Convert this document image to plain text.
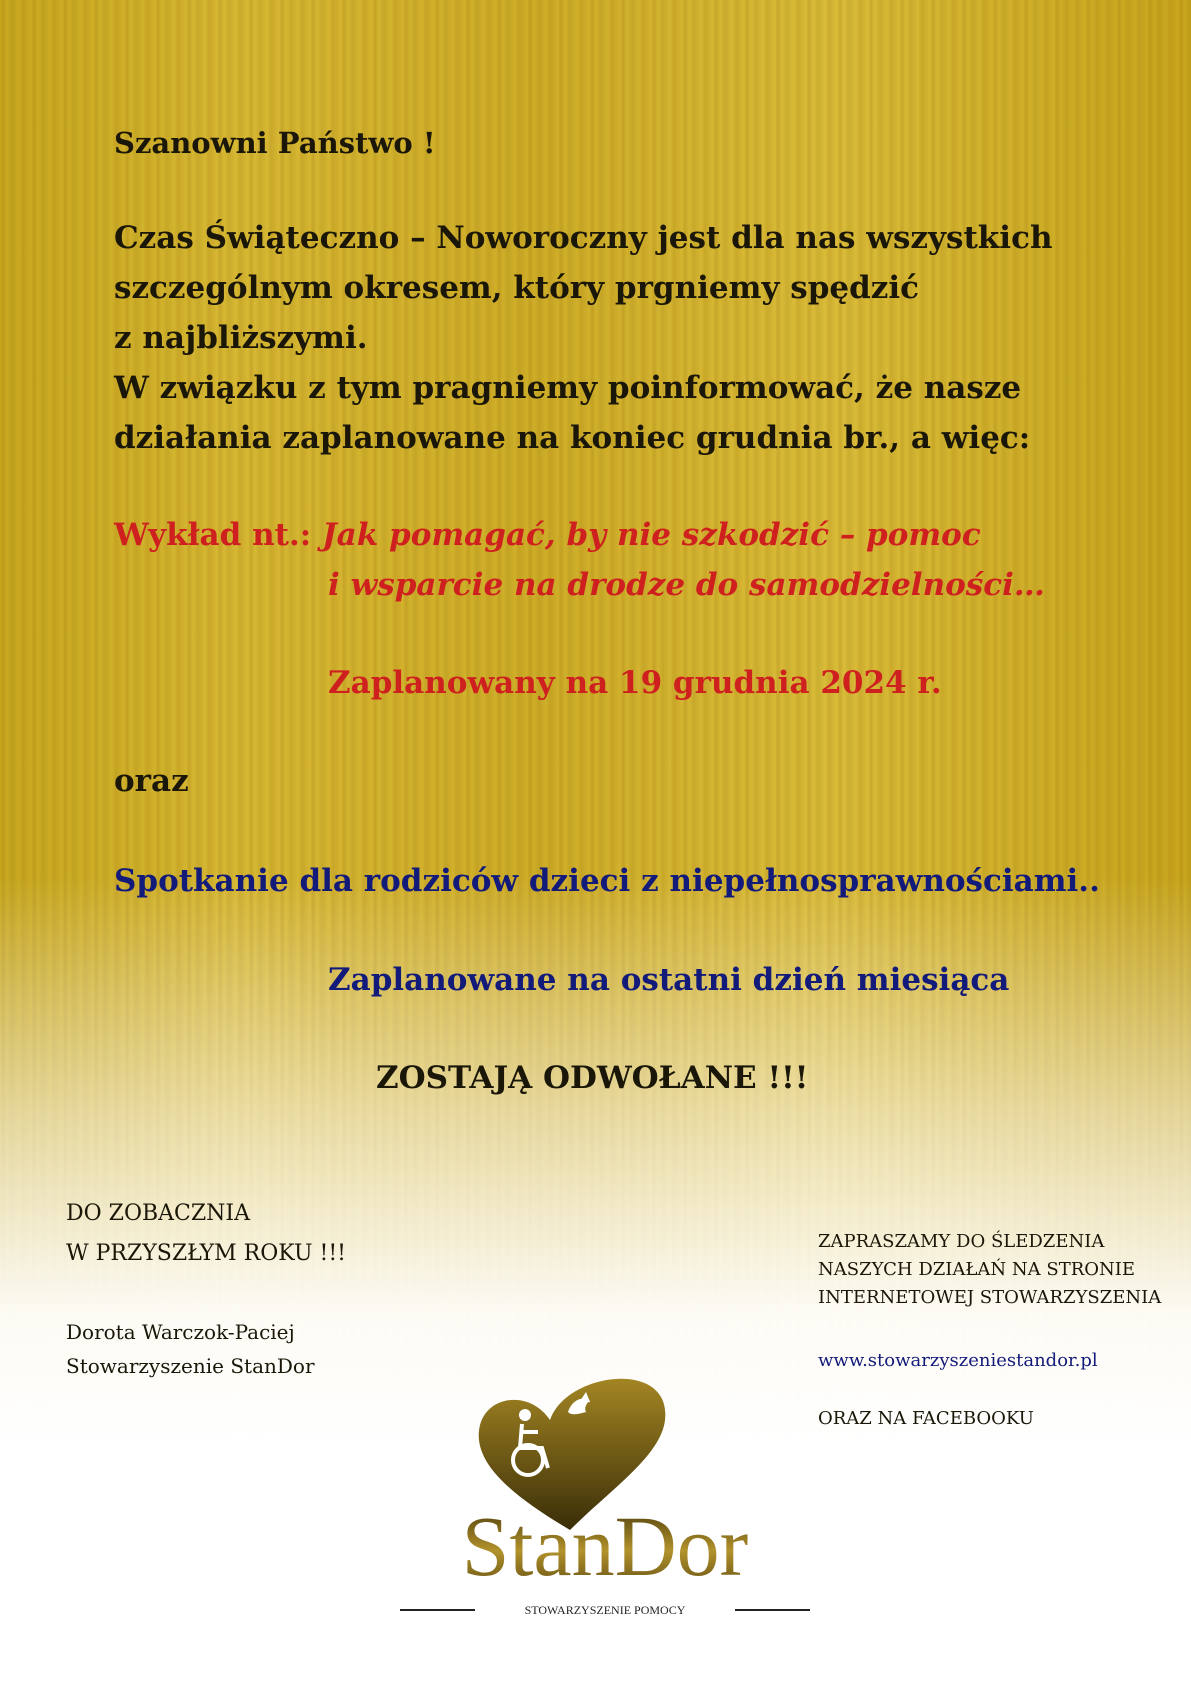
Szanowni Państwo !

Czas Świąteczno – Noworoczny jest dla nas wszystkich

szczególnym okresem, który prgniemy spędzić

z najbliższymi.

W związku z tym pragniemy poinformować, że nasze

działania zaplanowane na koniec grudnia br., a więc:

Wykład nt.: Jak pomagać, by nie szkodzić – pomoc

i wsparcie na drodze do samodzielności…

Zaplanowany na 19 grudnia 2024 r.

oraz

Spotkanie dla rodziców dzieci z niepełnosprawnościami..

Zaplanowane na ostatni dzień miesiąca

ZOSTAJĄ ODWOŁANE !!!

DO ZOBACZNIA

W PRZYSZŁYM ROKU !!!

Dorota Warczok-Paciej

Stowarzyszenie StanDor

ZAPRASZAMY DO ŚLEDZENIA

NASZYCH DZIAŁAŃ NA STRONIE

INTERNETOWEJ STOWARZYSZENIA

www.stowarzyszeniestandor.pl

ORAZ NA FACEBOOKU

StanDor
STOWARZYSZENIE POMOCY
